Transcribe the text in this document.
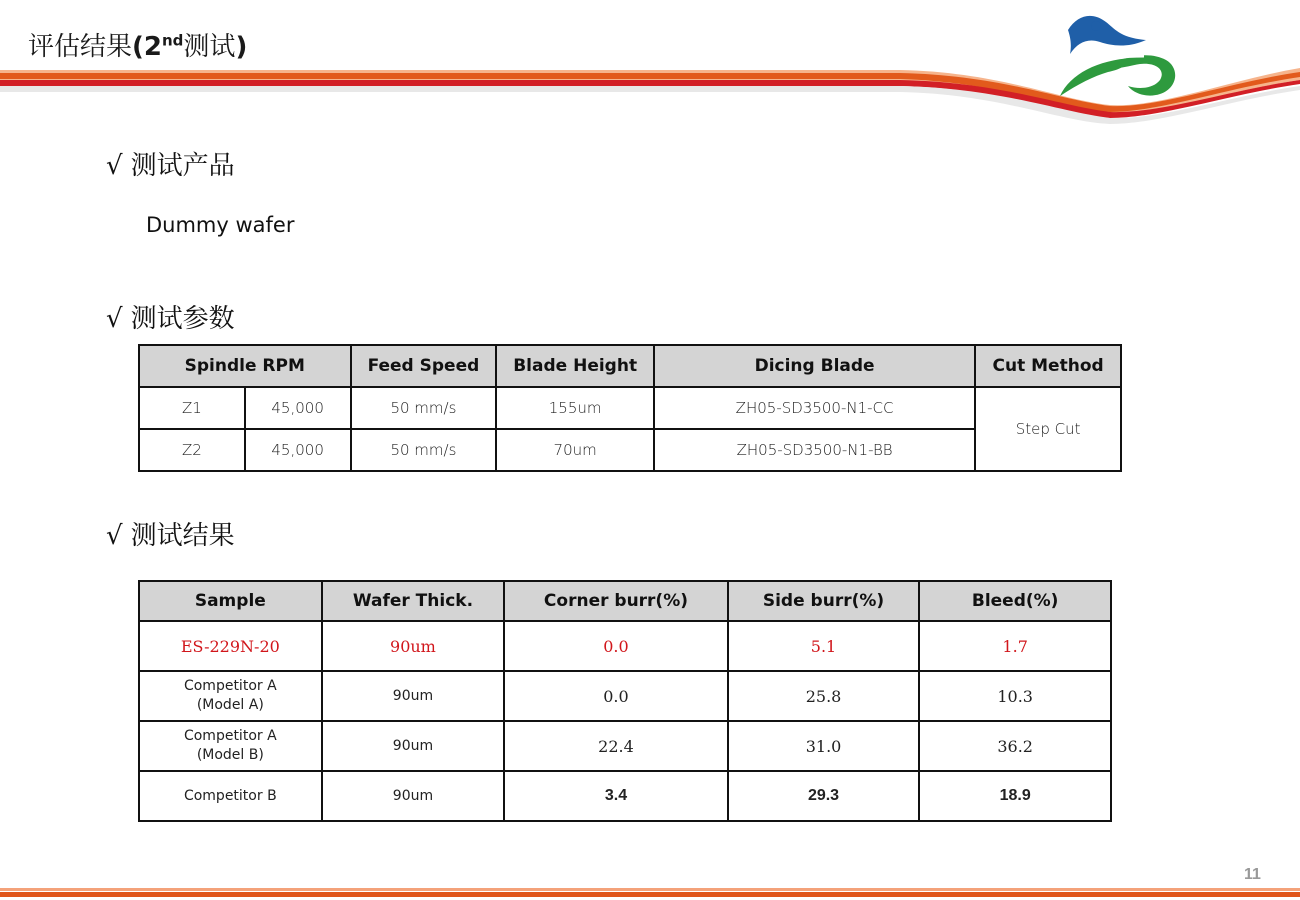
评估结果(2nd测试)
√ 测试产品
Dummy wafer
√ 测试参数
Spindle RPM		Feed Speed	Blade Height	Dicing Blade	Cut Method
Z1	45,000	50 mm/s	155um	ZH05-SD3500-N1-CC	Step Cut
Z2	45,000	50 mm/s	70um	ZH05-SD3500-N1-BB	
√ 测试结果
Sample	Wafer Thick.	Corner burr(%)	Side burr(%)	Bleed(%)
ES-229N-20	90um	0.0	5.1	1.7
Competitor A
(Model A)	90um	0.0	25.8	10.3
Competitor A
(Model B)	90um	22.4	31.0	36.2
Competitor B	90um	3.4	29.3	18.9
11
